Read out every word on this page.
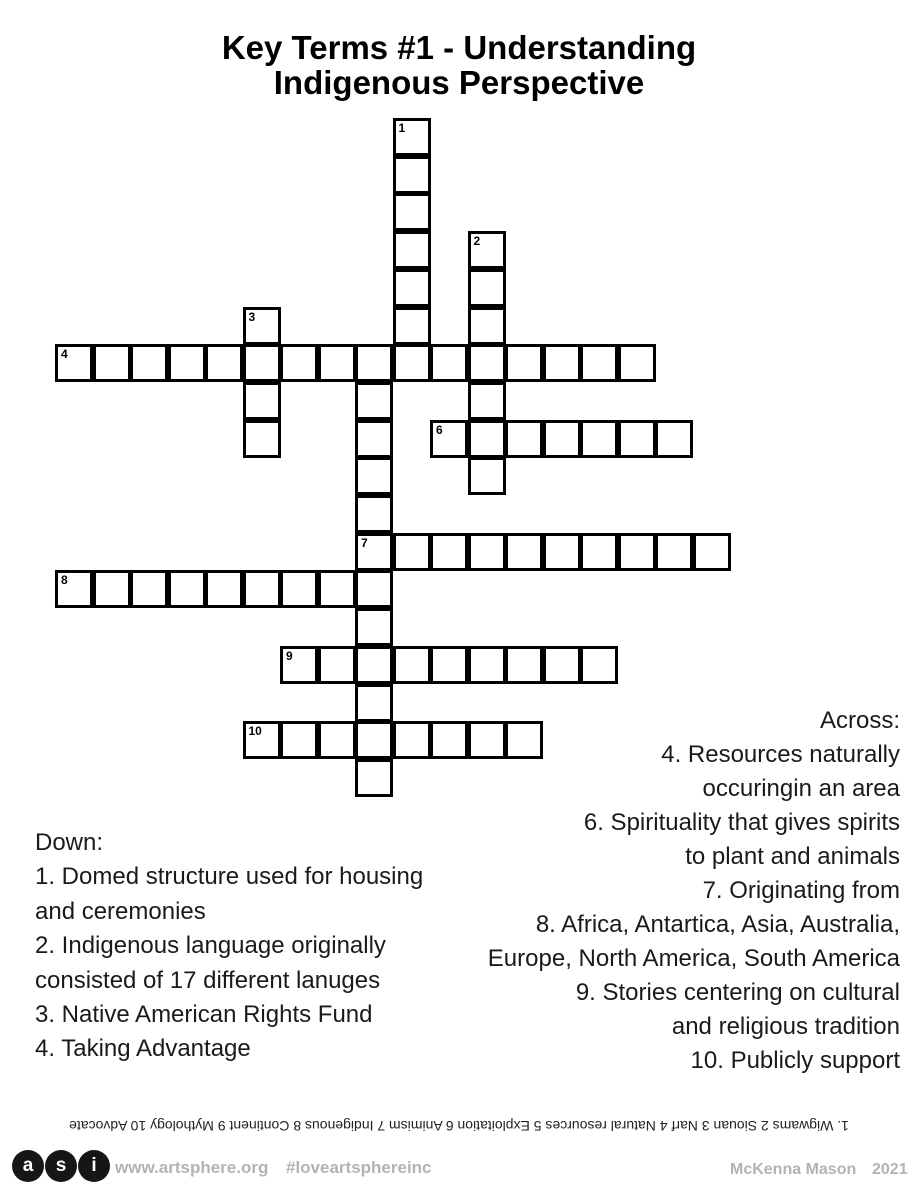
Key Terms #1 - Understanding
Indigenous Perspective
1
2
3
4
7
6
8
9
10
Down:
1. Domed structure used for housing
and ceremonies
2. Indigenous language originally
consisted of 17 different lanuges
3. Native American Rights Fund
4. Taking Advantage
Across:
4. Resources naturally
occuringin an area
6. Spirituality that gives spirits
to plant and animals
7. Originating from
8. Africa, Antartica, Asia, Australia,
Europe, North America, South America
9. Stories centering on cultural
and religious tradition
10. Publicly support
1. Wigwams 2 Siouan 3 Narf 4 Natural resources 5 Exploitation 6 Animism 7 Indigenous 8 Continent 9 Mythology 10 Advocate
a	s	i	www.artsphere.org #loveartsphereinc	McKenna Mason 2021
